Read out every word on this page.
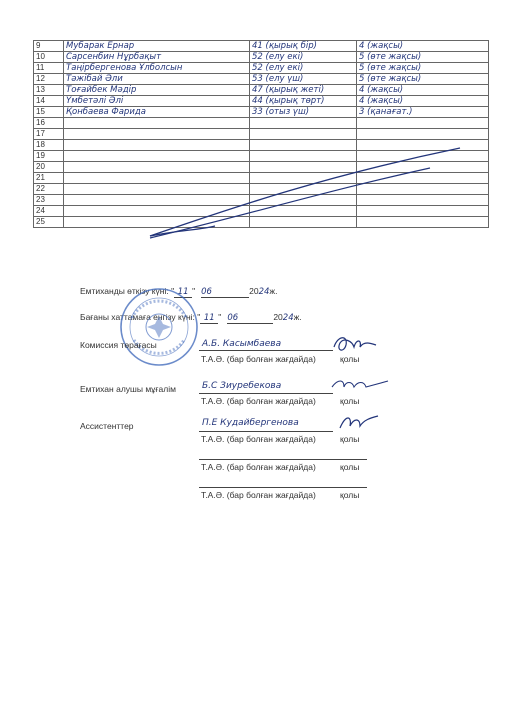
9	Мубарак Ернар	41 (қырық бір)	4 (жақсы)
10	Сарсенбин Нұрбақыт	52 (елу екі)	5 (өте жақсы)
11	Таңірбергенова Ұлболсын	52 (елу екі)	5 (өте жақсы)
12	Тәжібай Әли	53 (елу үш)	5 (өте жақсы)
13	Тоғайбек Мәдір	47 (қырық жеті)	4 (жақсы)
14	Үмбетәлі Әлі	44 (қырық төрт)	4 (жақсы)
15	Қонбаева Фарида	33 (отыз үш)	3 (қанағат.)
16			
17			
18			
19			
20			
21			
22			
23			
24			
25			
Емтиханды өткізу күні: " 11 " 06	2024ж.
Бағаны хаттамаға енгізу күні: " 11 " 06	2024ж.
Комиссия төрағасы	А.Б. Касымбаева
Т.А.Ә. (бар болған жағдайда)	қолы
Емтихан алушы мұғалім	Б.С Зиуребекова
Т.А.Ә. (бар болған жағдайда)	қолы
Ассистенттер	П.Е Кудайбергенова
Т.А.Ә. (бар болған жағдайда)	қолы
Т.А.Ә. (бар болған жағдайда)	қолы
Т.А.Ә. (бар болған жағдайда)	қолы
